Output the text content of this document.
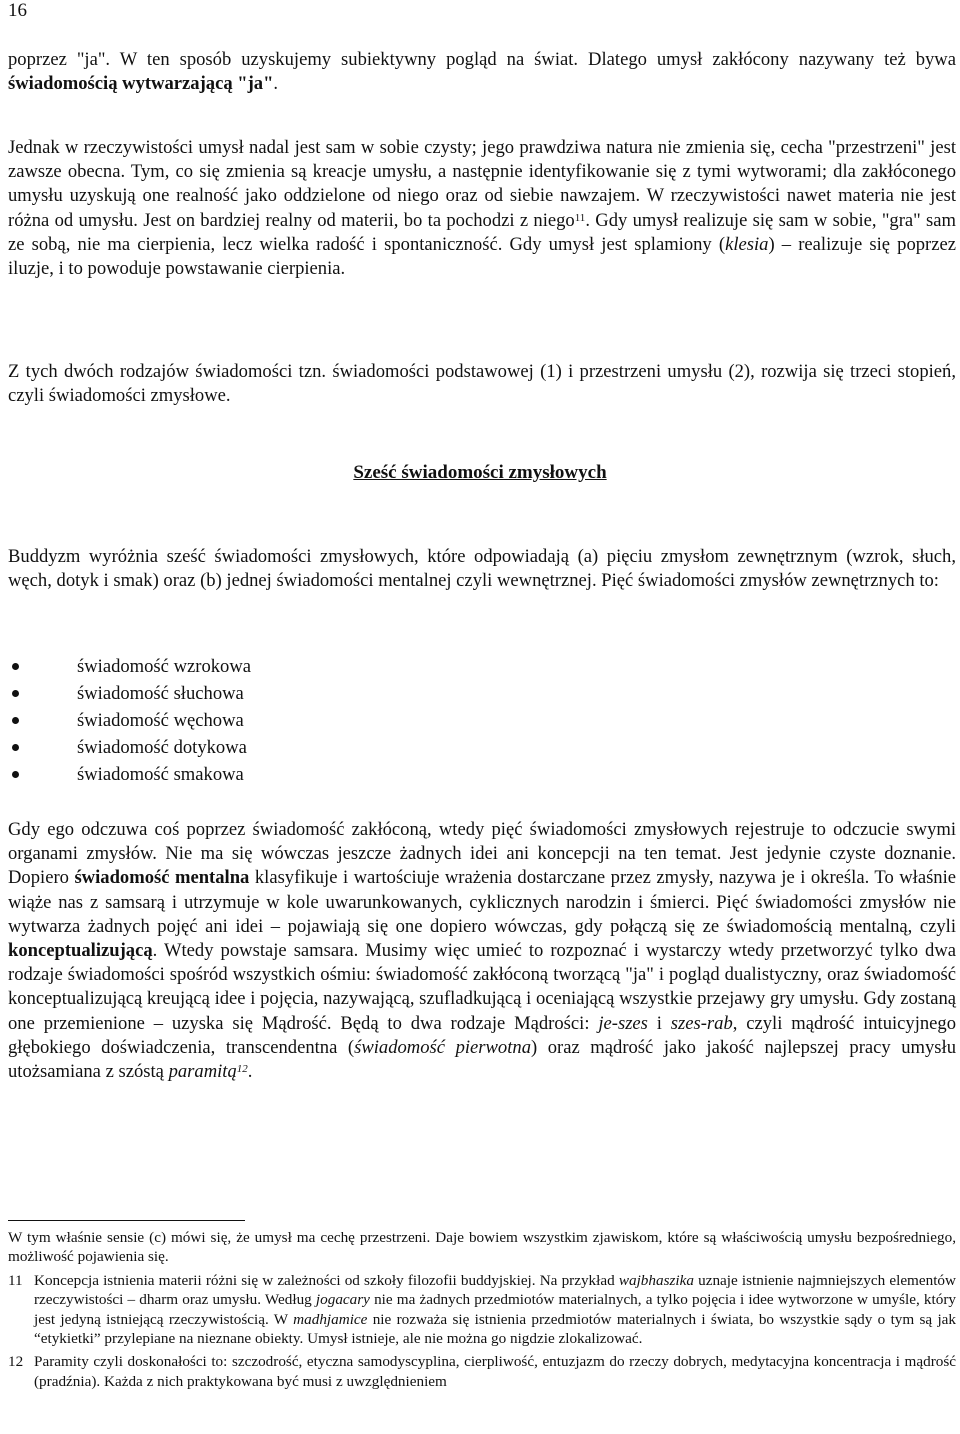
16
poprzez "ja". W ten sposób uzyskujemy subiektywny pogląd na świat. Dlatego umysł zakłócony nazywany też bywa świadomością wytwarzającą "ja".
Jednak w rzeczywistości umysł nadal jest sam w sobie czysty; jego prawdziwa natura nie zmienia się, cecha "przestrzeni" jest zawsze obecna. Tym, co się zmienia są kreacje umysłu, a następnie identyfikowanie się z tymi wytworami; dla zakłóconego umysłu uzyskują one realność jako oddzielone od niego oraz od siebie nawzajem. W rzeczywistości nawet materia nie jest różna od umysłu. Jest on bardziej realny od materii, bo ta pochodzi z niego$^{11}$. Gdy umysł realizuje się sam w sobie, "gra" sam ze sobą, nie ma cierpienia, lecz wielka radość i spontaniczność. Gdy umysł jest splamiony (klesia) – realizuje się poprzez iluzje, i to powoduje powstawanie cierpienia.
Z tych dwóch rodzajów świadomości tzn. świadomości podstawowej (1) i przestrzeni umysłu (2), rozwija się trzeci stopień, czyli świadomości zmysłowe.
Sześć świadomości zmysłowych
Buddyzm wyróżnia sześć świadomości zmysłowych, które odpowiadają (a) pięciu zmysłom zewnętrznym (wzrok, słuch, węch, dotyk i smak) oraz (b) jednej świadomości mentalnej czyli wewnętrznej. Pięć świadomości zmysłów zewnętrznych to:
świadomość wzrokowa
świadomość słuchowa
świadomość węchowa
świadomość dotykowa
świadomość smakowa
Gdy ego odczuwa coś poprzez świadomość zakłóconą, wtedy pięć świadomości zmysłowych rejestruje to odczucie swymi organami zmysłów. Nie ma się wówczas jeszcze żadnych idei ani koncepcji na ten temat. Jest jedynie czyste doznanie. Dopiero świadomość mentalna klasyfikuje i wartościuje wrażenia dostarczane przez zmysły, nazywa je i określa. To właśnie wiąże nas z samsarą i utrzymuje w kole uwarunkowanych, cyklicznych narodzin i śmierci. Pięć świadomości zmysłów nie wytwarza żadnych pojęć ani idei – pojawiają się one dopiero wówczas, gdy połączą się ze świadomością mentalną, czyli konceptualizującą. Wtedy powstaje samsara. Musimy więc umieć to rozpoznać i wystarczy wtedy przetworzyć tylko dwa rodzaje świadomości spośród wszystkich ośmiu: świadomość zakłóconą tworzącą "ja" i pogląd dualistyczny, oraz świadomość konceptualizującą kreującą idee i pojęcia, nazywającą, szufladkującą i oceniającą wszystkie przejawy gry umysłu. Gdy zostaną one przemienione – uzyska się Mądrość. Będą to dwa rodzaje Mądrości: je-szes i szes-rab, czyli mądrość intuicyjnego głębokiego doświadczenia, transcendentna (świadomość pierwotna) oraz mądrość jako jakość najlepszej pracy umysłu utożsamiana z szóstą paramitą$^{12}$.
W tym właśnie sensie (c) mówi się, że umysł ma cechę przestrzeni. Daje bowiem wszystkim zjawiskom, które są właściwością umysłu bezpośredniego, możliwość pojawienia się.
11 Koncepcja istnienia materii różni się w zależności od szkoły filozofii buddyjskiej. Na przykład wajbhaszika uznaje istnienie najmniejszych elementów rzeczywistości – dharm oraz umysłu. Według jogacary nie ma żadnych przedmiotów materialnych, a tylko pojęcia i idee wytworzone w umyśle, który jest jedyną istniejącą rzeczywistością. W madhjamice nie rozważa się istnienia przedmiotów materialnych i świata, bo wszystkie sądy o tym są jak “etykietki” przylepiane na nieznane obiekty. Umysł istnieje, ale nie można go nigdzie zlokalizować.
12 Paramity czyli doskonałości to: szczodrość, etyczna samodyscyplina, cierpliwość, entuzjazm do rzeczy dobrych, medytacyjna koncentracja i mądrość (pradźnia). Każda z nich praktykowana być musi z uwzględnieniem
